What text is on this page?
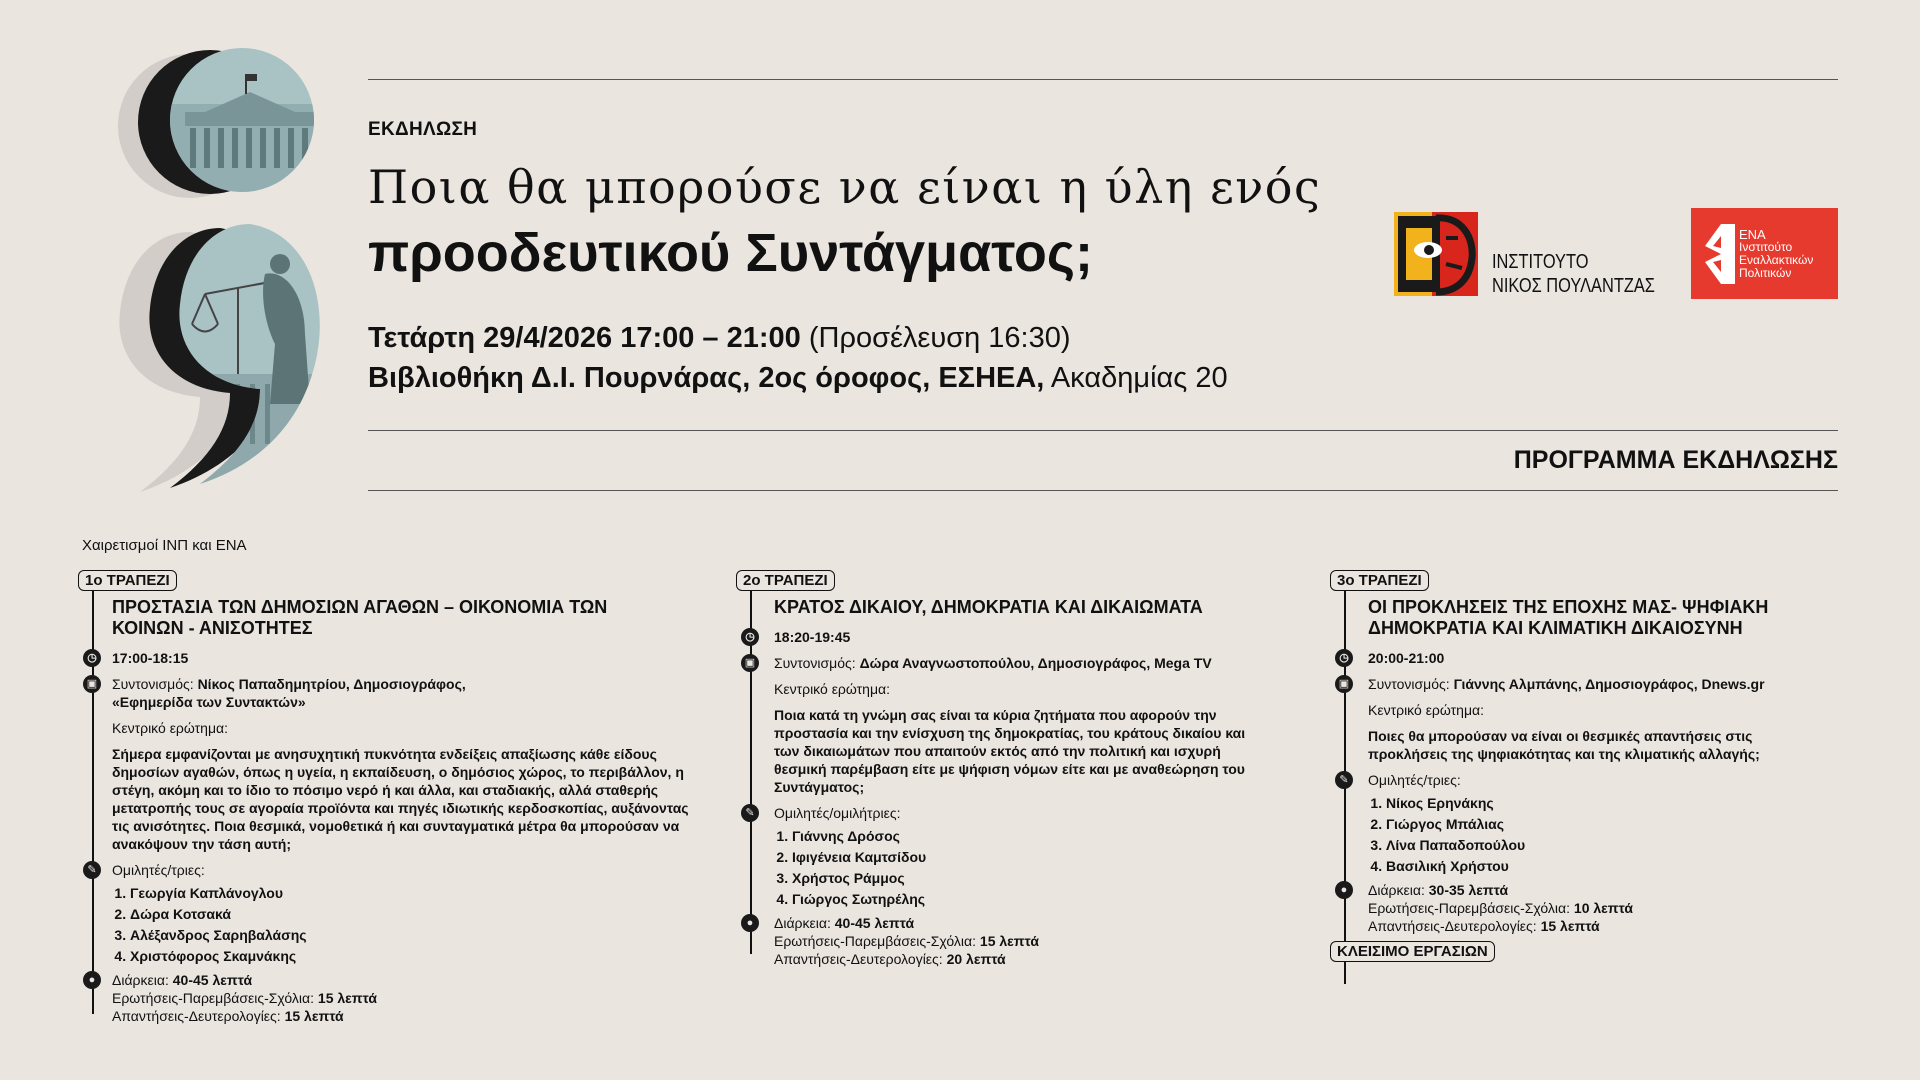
ΕΚΔΗΛΩΣΗ
Ποια θα μπορούσε να είναι η ύλη ενός
προοδευτικού Συντάγματος;
Τετάρτη 29/4/2026 17:00 – 21:00 (Προσέλευση 16:30)
Βιβλιοθήκη Δ.Ι. Πουρνάρας, 2ος όροφος, ΕΣΗΕΑ, Ακαδημίας 20
ΠΡΟΓΡΑΜΜΑ ΕΚΔΗΛΩΣΗΣ
ΙΝΣΤΙΤΟΥΤΟ
ΝΙΚΟΣ ΠΟΥΛΑΝΤΖΑΣ
ΕΝΑ
Ινστιτούτο
Εναλλακτικών
Πολιτικών
Χαιρετισμοί ΙΝΠ και ΕΝΑ
1ο ΤΡΑΠΕΖΙ
ΠΡΟΣΤΑΣΙΑ ΤΩΝ ΔΗΜΟΣΙΩΝ ΑΓΑΘΩΝ – ΟΙΚΟΝΟΜΙΑ ΤΩΝ ΚΟΙΝΩΝ - ΑΝΙΣΟΤΗΤΕΣ
◷	17:00-18:15
▣ Συντονισμός: Νίκος Παπαδημητρίου, Δημοσιογράφος, «Εφημερίδα των Συντακτών»
Κεντρικό ερώτημα:
Σήμερα εμφανίζονται με ανησυχητική πυκνότητα ενδείξεις απαξίωσης κάθε είδους δημοσίων αγαθών, όπως η υγεία, η εκπαίδευση, ο δημόσιος χώρος, το περιβάλλον, η στέγη, ακόμη και το ίδιο το πόσιμο νερό ή και άλλα, και σταδιακής, αλλά σταθερής μετατροπής τους σε αγοραία προϊόντα και πηγές ιδιωτικής κερδοσκοπίας, αυξάνοντας τις ανισότητες. Ποια θεσμικά, νομοθετικά ή και συνταγματικά μέτρα θα μπορούσαν να ανακόψουν την τάση αυτή;
✎	Ομιλητές/τριες:
1. Γεωργία Καπλάνογλου
2. Δώρα Κοτσακά
3. Αλέξανδρος Σαρηβαλάσης
4. Χριστόφορος Σκαμνάκης
●	Διάρκεια: 40-45 λεπτά
Ερωτήσεις-Παρεμβάσεις-Σχόλια: 15 λεπτά
Απαντήσεις-Δευτερολογίες: 15 λεπτά
2ο ΤΡΑΠΕΖΙ
ΚΡΑΤΟΣ ΔΙΚΑΙΟΥ, ΔΗΜΟΚΡΑΤΙΑ ΚΑΙ ΔΙΚΑΙΩΜΑΤΑ
◷	18:20-19:45
▣ Συντονισμός: Δώρα Αναγνωστοπούλου, Δημοσιογράφος, Mega TV
Κεντρικό ερώτημα:
Ποια κατά τη γνώμη σας είναι τα κύρια ζητήματα που αφορούν την προστασία και την ενίσχυση της δημοκρατίας, του κράτους δικαίου και των δικαιωμάτων που απαιτούν εκτός από την πολιτική και ισχυρή θεσμική παρέμβαση είτε με ψήφιση νόμων είτε και με αναθεώρηση του Συντάγματος;
✎	Ομιλητές/ομιλήτριες:
1. Γιάννης Δρόσος
2. Ιφιγένεια Καμτσίδου
3. Χρήστος Ράμμος
4. Γιώργος Σωτηρέλης
●	Διάρκεια: 40-45 λεπτά
Ερωτήσεις-Παρεμβάσεις-Σχόλια: 15 λεπτά
Απαντήσεις-Δευτερολογίες: 20 λεπτά
3ο ΤΡΑΠΕΖΙ
ΟΙ ΠΡΟΚΛΗΣΕΙΣ ΤΗΣ ΕΠΟΧΗΣ ΜΑΣ- ΨΗΦΙΑΚΗ ΔΗΜΟΚΡΑΤΙΑ ΚΑΙ ΚΛΙΜΑΤΙΚΗ ΔΙΚΑΙΟΣΥΝΗ
◷	20:00-21:00
▣ Συντονισμός: Γιάννης Αλμπάνης, Δημοσιογράφος, Dnews.gr
Κεντρικό ερώτημα:
Ποιες θα μπορούσαν να είναι οι θεσμικές απαντήσεις στις προκλήσεις της ψηφιακότητας και της κλιματικής αλλαγής;
✎	Ομιλητές/τριες:
1. Νίκος Ερηνάκης
2. Γιώργος Μπάλιας
3. Λίνα Παπαδοπούλου
4. Βασιλική Χρήστου
●	Διάρκεια: 30-35 λεπτά
Ερωτήσεις-Παρεμβάσεις-Σχόλια: 10 λεπτά
Απαντήσεις-Δευτερολογίες: 15 λεπτά
ΚΛΕΙΣΙΜΟ ΕΡΓΑΣΙΩΝ
